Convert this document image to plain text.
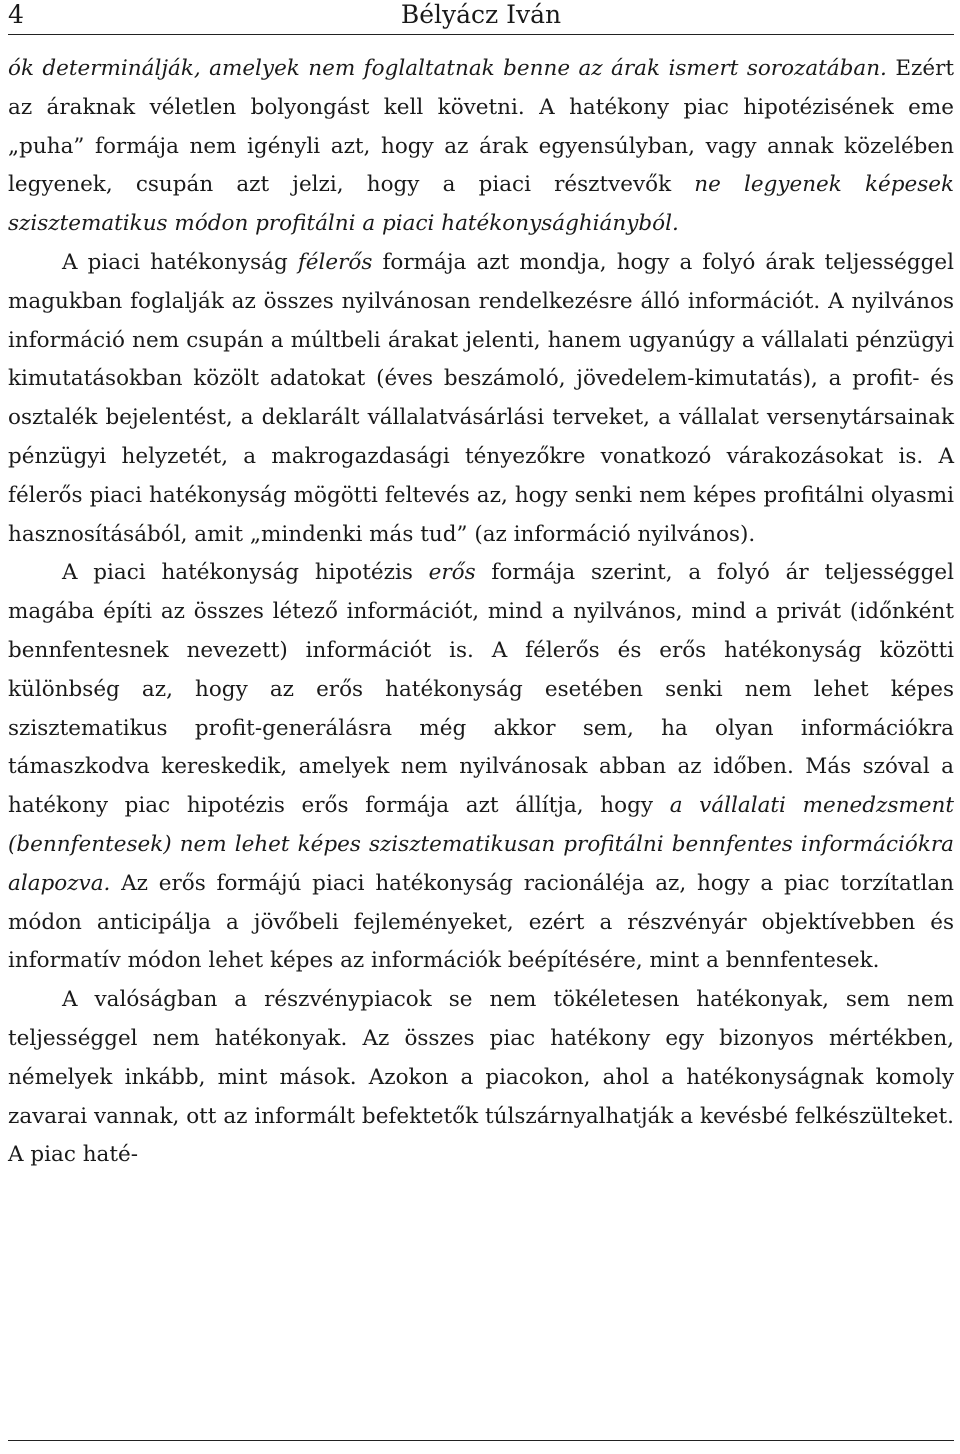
4	Bélyácz Iván

ók determinálják, amelyek nem foglaltatnak benne az árak ismert sorozatában. Ezért az áraknak véletlen bolyongást kell követni. A hatékony piac hipotézisének eme „puha” formája nem igényli azt, hogy az árak egyensúlyban, vagy annak közelében legyenek, csupán azt jelzi, hogy a piaci résztvevők ne legyenek képesek szisztematikus módon profitálni a piaci hatékonysághiányból.

A piaci hatékonyság félerős formája azt mondja, hogy a folyó árak teljességgel magukban foglalják az összes nyilvánosan rendelkezésre álló információt. A nyilvános információ nem csupán a múltbeli árakat jelenti, hanem ugyanúgy a vállalati pénzügyi kimutatásokban közölt adatokat (éves beszámoló, jövedelem-kimutatás), a profit- és osztalék bejelentést, a deklarált vállalatvásárlási terveket, a vállalat versenytársainak pénzügyi helyzetét, a makrogazdasági tényezőkre vonatkozó várakozásokat is. A félerős piaci hatékonyság mögötti feltevés az, hogy senki nem képes profitálni olyasmi hasznosításából, amit „mindenki más tud” (az információ nyilvános).

A piaci hatékonyság hipotézis erős formája szerint, a folyó ár teljességgel magába építi az összes létező információt, mind a nyilvános, mind a privát (időnként bennfentesnek nevezett) információt is. A félerős és erős hatékonyság közötti különbség az, hogy az erős hatékonyság esetében senki nem lehet képes szisztematikus profit-generálásra még akkor sem, ha olyan információkra támaszkodva kereskedik, amelyek nem nyilvánosak abban az időben. Más szóval a hatékony piac hipotézis erős formája azt állítja, hogy a vállalati menedzsment (bennfentesek) nem lehet képes szisztematikusan profitálni bennfentes információkra alapozva. Az erős formájú piaci hatékonyság racionáléja az, hogy a piac torzítatlan módon anticipálja a jövőbeli fejleményeket, ezért a részvényár objektívebben és informatív módon lehet képes az információk beépítésére, mint a bennfentesek.

A valóságban a részvénypiacok se nem tökéletesen hatékonyak, sem nem teljességgel nem hatékonyak. Az összes piac hatékony egy bizonyos mértékben, némelyek inkább, mint mások. Azokon a piacokon, ahol a hatékonyságnak komoly zavarai vannak, ott az informált befektetők túlszárnyalhatják a kevésbé felkészülteket. A piac haté-
